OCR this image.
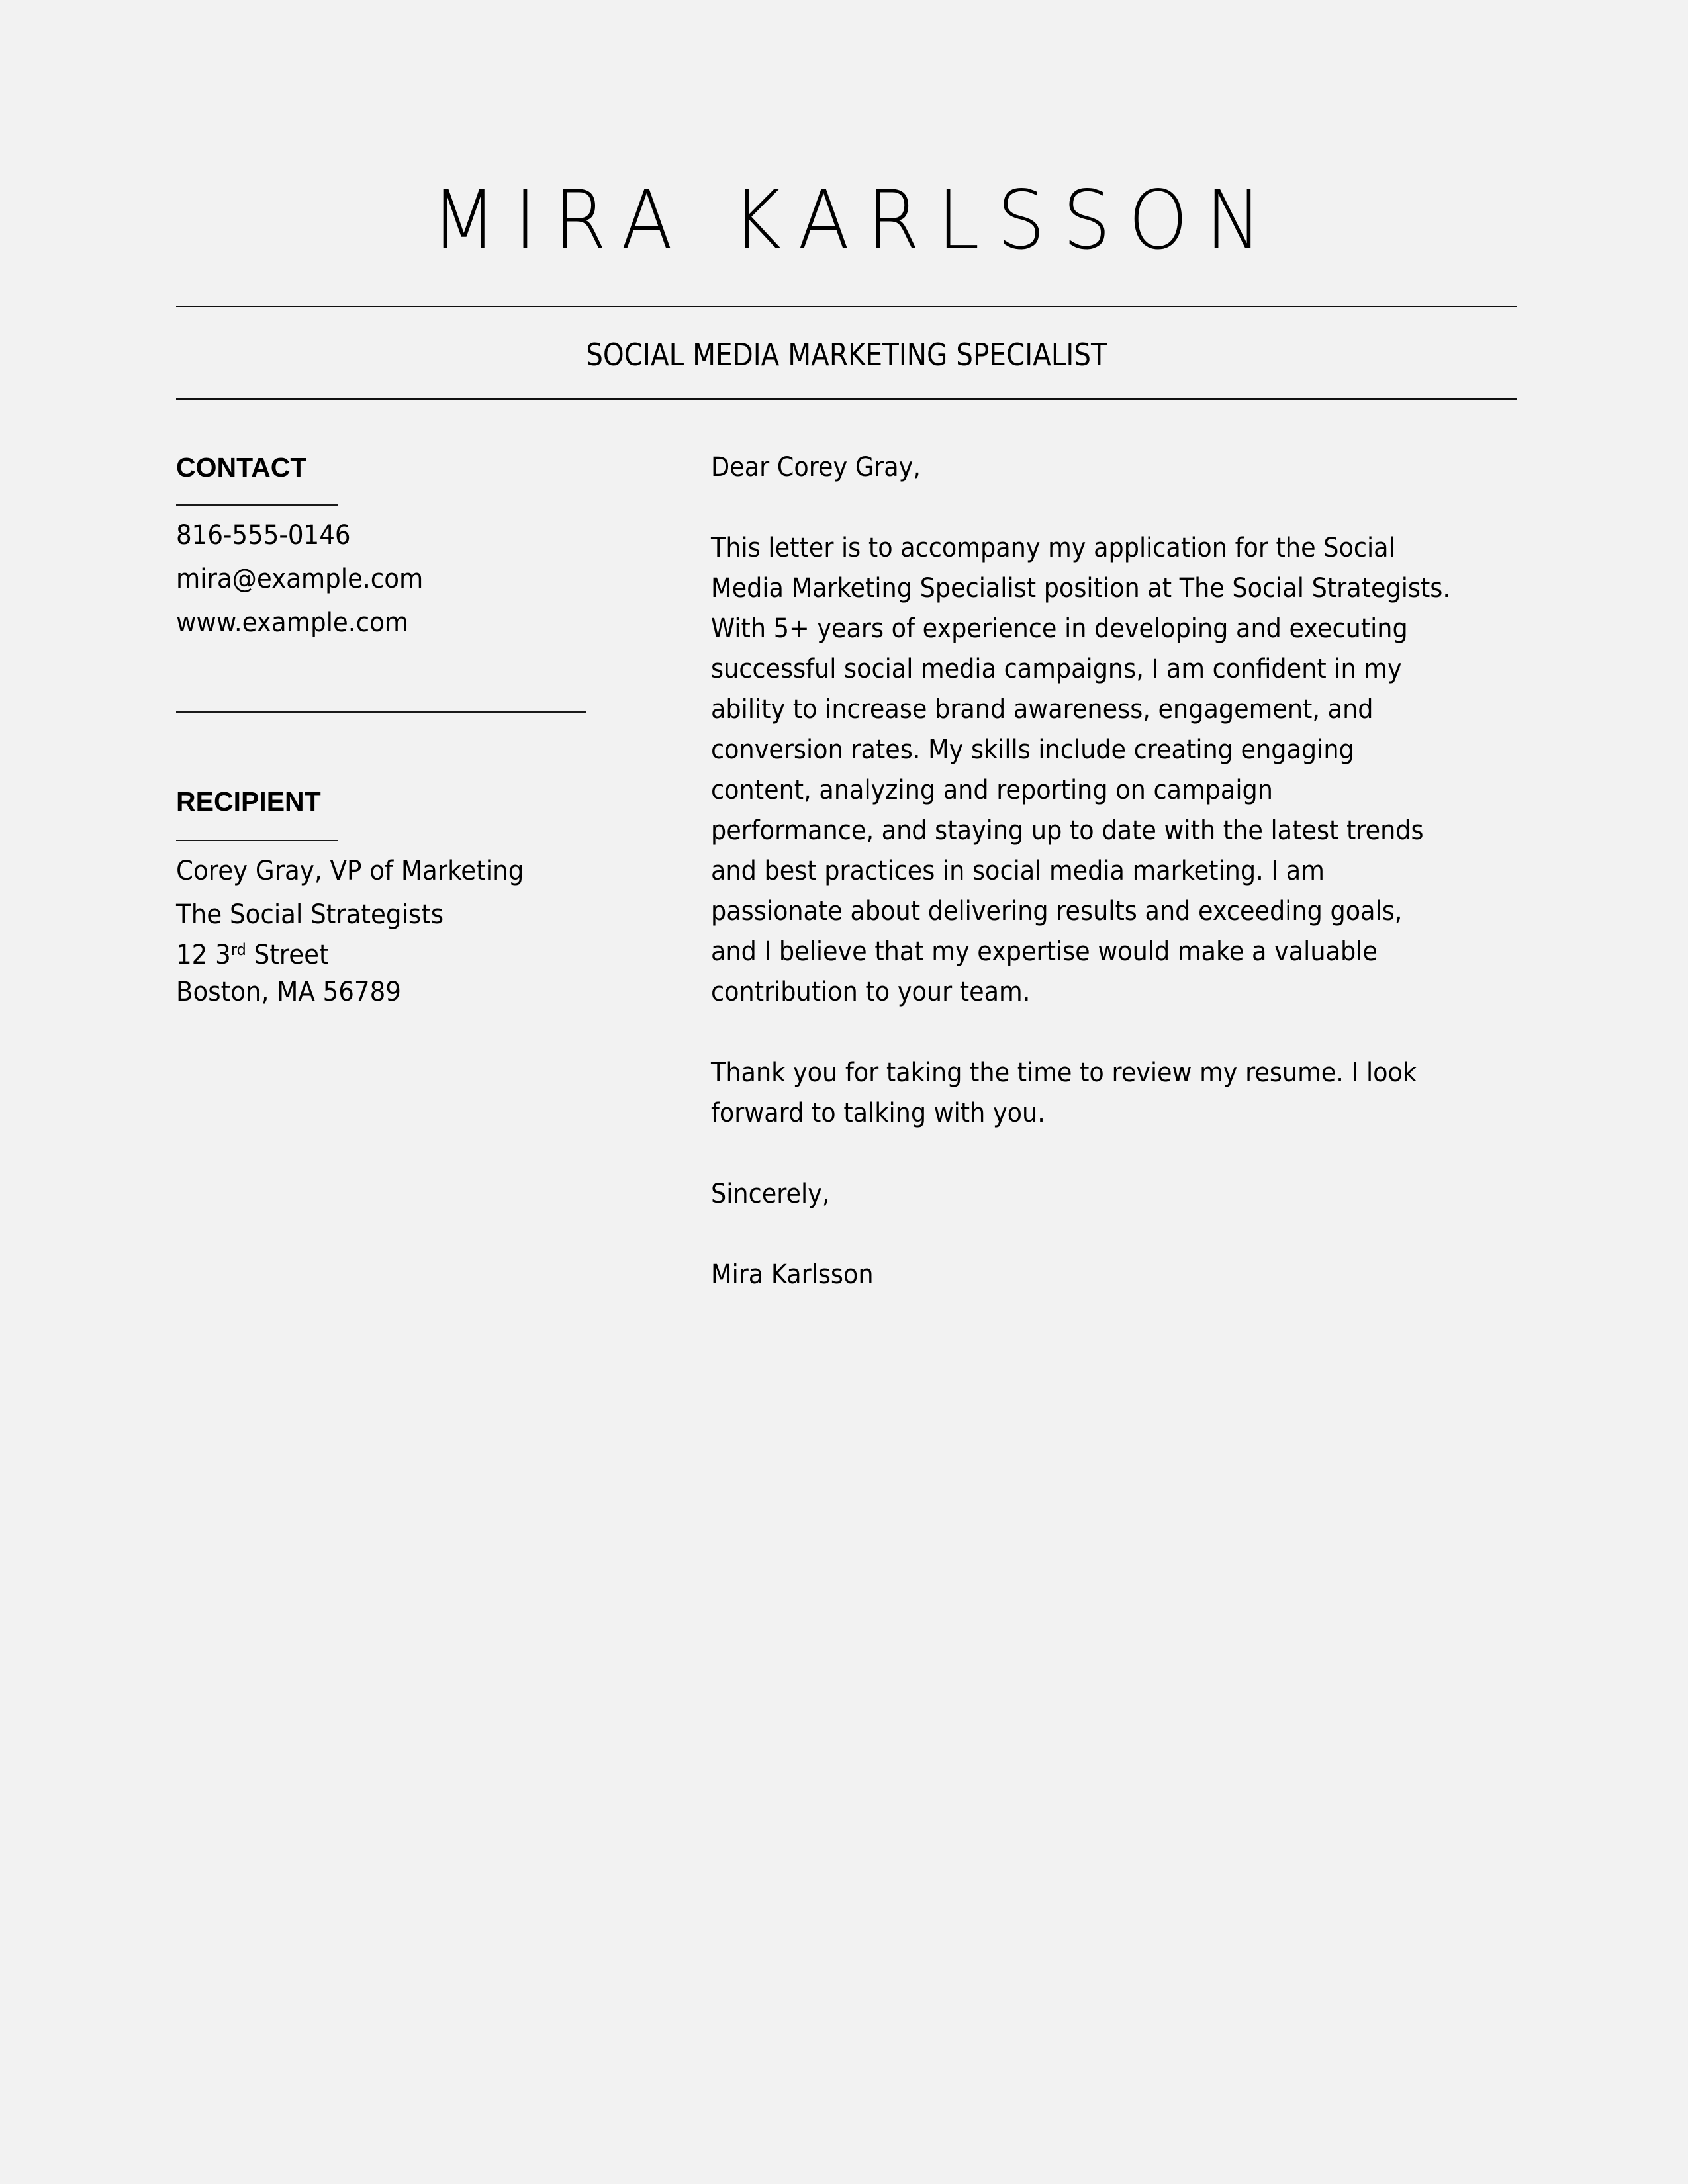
MIRA KARLSSON
SOCIAL MEDIA MARKETING SPECIALIST
CONTACT
816-555-0146
mira@example.com
www.example.com
RECIPIENT
Corey Gray, VP of Marketing
The Social Strategists
12 3rd Street
Boston, MA 56789
Dear Corey Gray,
This letter is to accompany my application for the Social
Media Marketing Specialist position at The Social Strategists.
With 5+ years of experience in developing and executing
successful social media campaigns, I am confident in my
ability to increase brand awareness, engagement, and
conversion rates. My skills include creating engaging
content, analyzing and reporting on campaign
performance, and staying up to date with the latest trends
and best practices in social media marketing. I am
passionate about delivering results and exceeding goals,
and I believe that my expertise would make a valuable
contribution to your team.
Thank you for taking the time to review my resume. I look
forward to talking with you.
Sincerely,
Mira Karlsson
